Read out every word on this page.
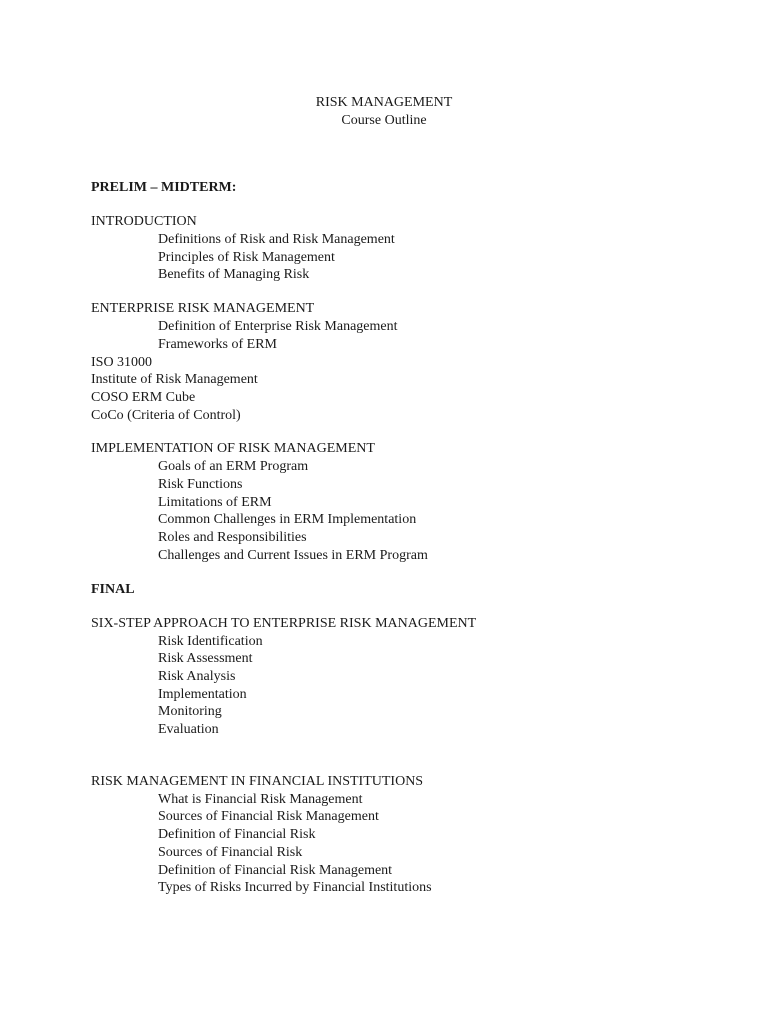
RISK MANAGEMENT
Course Outline

PRELIM – MIDTERM:

INTRODUCTION
Definitions of Risk and Risk Management
Principles of Risk Management
Benefits of Managing Risk
ENTERPRISE RISK MANAGEMENT
Definition of Enterprise Risk Management
Frameworks of ERM
ISO 31000
Institute of Risk Management
COSO ERM Cube
CoCo (Criteria of Control)
IMPLEMENTATION OF RISK MANAGEMENT
Goals of an ERM Program
Risk Functions
Limitations of ERM
Common Challenges in ERM Implementation
Roles and Responsibilities
Challenges and Current Issues in ERM Program

FINAL

SIX-STEP APPROACH TO ENTERPRISE RISK MANAGEMENT
Risk Identification
Risk Assessment
Risk Analysis
Implementation
Monitoring
Evaluation
RISK MANAGEMENT IN FINANCIAL INSTITUTIONS
What is Financial Risk Management
Sources of Financial Risk Management
Definition of Financial Risk
Sources of Financial Risk
Definition of Financial Risk Management
Types of Risks Incurred by Financial Institutions
